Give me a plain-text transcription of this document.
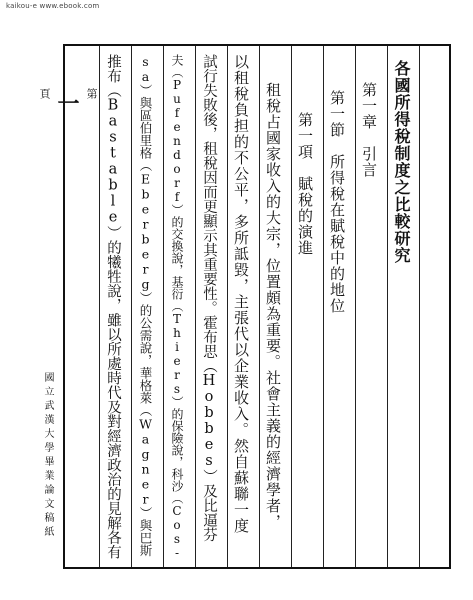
kaikou-e www.ebook.com
第
一
頁
國立武漢大學畢業論文稿紙
各國所得稅制度之比較研究
第一章　引言
第一節　所得稅在賦稅中的地位
第一項　賦稅的演進
租稅占國家收入的大宗，位置頗為重要。社會主義的經濟學者，
以租稅負担的不公平，多所詆毀，主張代以企業收入。然自蘇聯一度
試行失敗後，租稅因而更顯示其重要性。霍布思（Hobbes）及比逼芬
夫（Pufendorf）的交換說，基衍（Thiers）的保險說，科沙（Cos-
sa）與區伯里格（Eberberg）的公需說，華格萊（Wagner）與巴斯
推布（Bastable）的犧牲說，雖以所處時代及對經濟政治的見解各有
